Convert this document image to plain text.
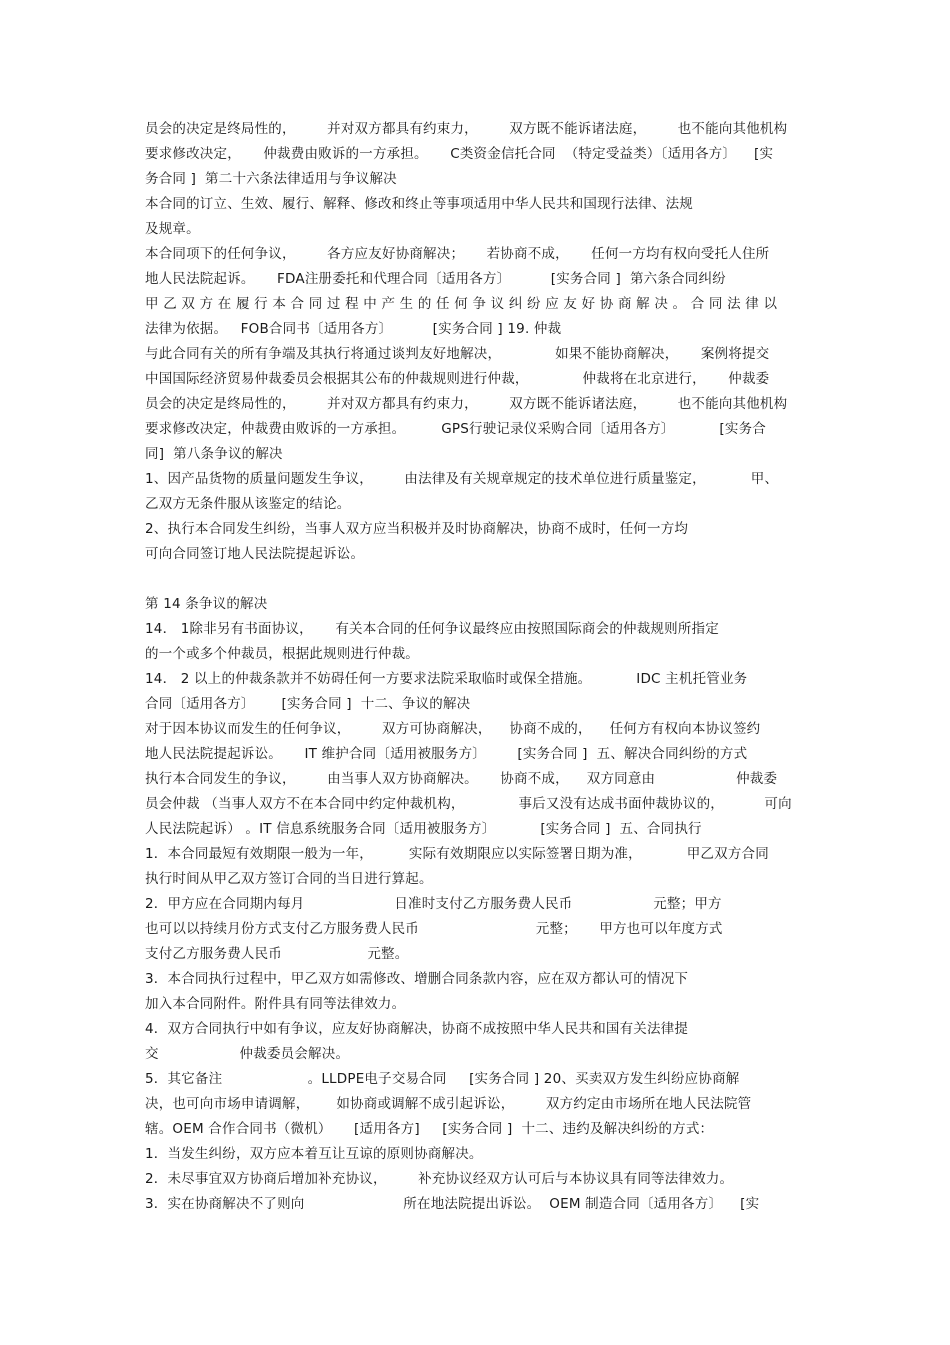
员会的决定是终局性的，       并对双方都具有约束力，       双方既不能诉诸法庭，       也不能向其他机构
要求修改决定，     仲裁费由败诉的一方承担。     C类资金信托合同  （特定受益类）〔适用各方〕    [实
务合同 ]  第二十六条法律适用与争议解决
本合同的订立、生效、履行、解释、修改和终止等事项适用中华人民共和国现行法律、法规
及规章。
本合同项下的任何争议，       各方应友好协商解决；     若协商不成，     任何一方均有权向受托人住所
地人民法院起诉。     FDA注册委托和代理合同〔适用各方〕         [实务合同 ]  第六条合同纠纷
甲 乙 双 方 在 履 行 本 合 同 过 程 中 产 生 的 任 何 争 议 纠 纷 应 友 好 协 商 解 决 。 合 同 法 律 以
法律为依据。   FOB合同书〔适用各方〕         [实务合同 ] 19. 仲裁
与此合同有关的所有争端及其执行将通过谈判友好地解决，            如果不能协商解决，     案例将提交
中国国际经济贸易仲裁委员会根据其公布的仲裁规则进行仲裁，            仲裁将在北京进行，     仲裁委
员会的决定是终局性的，       并对双方都具有约束力，       双方既不能诉诸法庭，       也不能向其他机构
要求修改决定，仲裁费由败诉的一方承担。        GPS行驶记录仪采购合同〔适用各方〕          [实务合
同]  第八条争议的解决
1、因产品货物的质量问题发生争议，       由法律及有关规章规定的技术单位进行质量鉴定，          甲、
乙双方无条件服从该鉴定的结论。
2、执行本合同发生纠纷，当事人双方应当积极并及时协商解决，协商不成时，任何一方均
可向合同签订地人民法院提起诉讼。
第 14 条争议的解决
14． 1除非另有书面协议，     有关本合同的任何争议最终应由按照国际商会的仲裁规则所指定
的一个或多个仲裁员，根据此规则进行仲裁。
14． 2 以上的仲裁条款并不妨碍任何一方要求法院采取临时或保全措施。          IDC 主机托管业务
合同〔适用各方〕      [实务合同 ]  十二、争议的解决
对于因本协议而发生的任何争议，       双方可协商解决，    协商不成的，    任何方有权向本协议签约
地人民法院提起诉讼。     IT 维护合同〔适用被服务方〕       [实务合同 ]  五、解决合同纠纷的方式
执行本合同发生的争议，       由当事人双方协商解决。     协商不成，    双方同意由                  仲裁委
员会仲裁 （当事人双方不在本合同中约定仲裁机构，            事后又没有达成书面仲裁协议的，         可向
人民法院起诉） 。IT 信息系统服务合同〔适用被服务方〕          [实务合同 ]  五、合同执行
1．本合同最短有效期限一般为一年，        实际有效期限应以实际签署日期为准，          甲乙双方合同
执行时间从甲乙双方签订合同的当日进行算起。
2．甲方应在合同期内每月                    日准时支付乙方服务费人民币                  元整；甲方
也可以以持续月份方式支付乙方服务费人民币                          元整；     甲方也可以年度方式
支付乙方服务费人民币                   元整。
3．本合同执行过程中，甲乙双方如需修改、增删合同条款内容，应在双方都认可的情况下
加入本合同附件。附件具有同等法律效力。
4．双方合同执行中如有争议，应友好协商解决，协商不成按照中华人民共和国有关法律提
交                  仲裁委员会解决。
5．其它备注                   。LLDPE电子交易合同     [实务合同 ] 20、买卖双方发生纠纷应协商解
决，也可向市场申请调解，      如协商或调解不成引起诉讼，       双方约定由市场所在地人民法院管
辖。OEM 合作合同书（微机）     [适用各方]     [实务合同 ]  十二、违约及解决纠纷的方式：
1．当发生纠纷，双方应本着互让互谅的原则协商解决。
2．未尽事宜双方协商后增加补充协议，       补充协议经双方认可后与本协议具有同等法律效力。
3．实在协商解决不了则向                      所在地法院提出诉讼。  OEM 制造合同〔适用各方〕    [实
